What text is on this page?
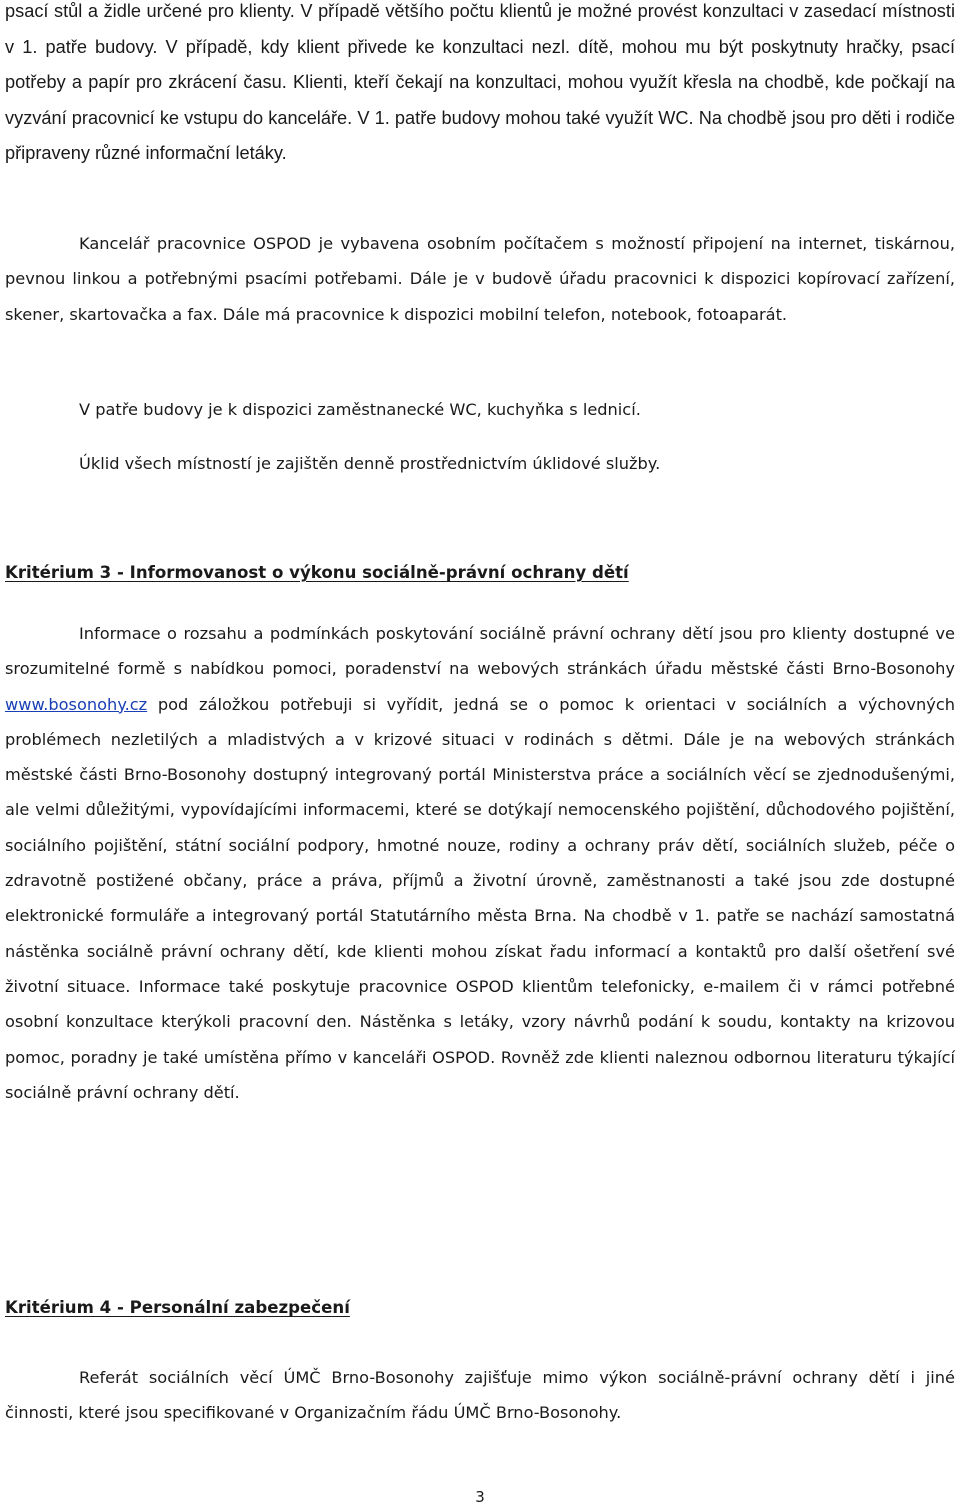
psací stůl a židle určené pro klienty. V případě většího počtu klientů je možné provést konzultaci v zasedací místnosti v 1. patře budovy. V případě, kdy klient přivede ke konzultaci nezl. dítě, mohou mu být poskytnuty hračky, psací potřeby a papír pro zkrácení času. Klienti, kteří čekají na konzultaci, mohou využít křesla na chodbě, kde počkají na vyzvání pracovnicí ke vstupu do kanceláře. V 1. patře budovy mohou také využít WC. Na chodbě jsou pro děti i rodiče připraveny různé informační letáky.

Kancelář pracovnice OSPOD je vybavena osobním počítačem s možností připojení na internet, tiskárnou, pevnou linkou a potřebnými psacími potřebami. Dále je v budově úřadu pracovnici k dispozici kopírovací zařízení, skener, skartovačka a fax. Dále má pracovnice k dispozici mobilní telefon, notebook, fotoaparát.

V patře budovy je k dispozici zaměstnanecké WC, kuchyňka s lednicí.

Úklid všech místností je zajištěn denně prostřednictvím úklidové služby.

Kritérium 3 - Informovanost o výkonu sociálně-právní ochrany dětí

Informace o rozsahu a podmínkách poskytování sociálně právní ochrany dětí jsou pro klienty dostupné ve srozumitelné formě s nabídkou pomoci, poradenství na webových stránkách úřadu městské části Brno-Bosonohy www.bosonohy.cz pod záložkou potřebuji si vyřídit, jedná se o pomoc k orientaci v sociálních a výchovných problémech nezletilých a mladistvých a v krizové situaci v rodinách s dětmi. Dále je na webových stránkách městské části Brno-Bosonohy dostupný integrovaný portál Ministerstva práce a sociálních věcí se zjednodušenými, ale velmi důležitými, vypovídajícími informacemi, které se dotýkají nemocenského pojištění, důchodového pojištění, sociálního pojištění, státní sociální podpory, hmotné nouze, rodiny a ochrany práv dětí, sociálních služeb, péče o zdravotně postižené občany, práce a práva, příjmů a životní úrovně, zaměstnanosti a také jsou zde dostupné elektronické formuláře a integrovaný portál Statutárního města Brna. Na chodbě v 1. patře se nachází samostatná nástěnka sociálně právní ochrany dětí, kde klienti mohou získat řadu informací a kontaktů pro další ošetření své životní situace. Informace také poskytuje pracovnice OSPOD klientům telefonicky, e-mailem či v rámci potřebné osobní konzultace kterýkoli pracovní den. Nástěnka s letáky, vzory návrhů podání k soudu, kontakty na krizovou pomoc, poradny je také umístěna přímo v kanceláři OSPOD. Rovněž zde klienti naleznou odbornou literaturu týkající sociálně právní ochrany dětí.

Kritérium 4 - Personální zabezpečení

Referát sociálních věcí ÚMČ Brno-Bosonohy zajišťuje mimo výkon sociálně-právní ochrany dětí i jiné činnosti, které jsou specifikované v Organizačním řádu ÚMČ Brno-Bosonohy.

3
